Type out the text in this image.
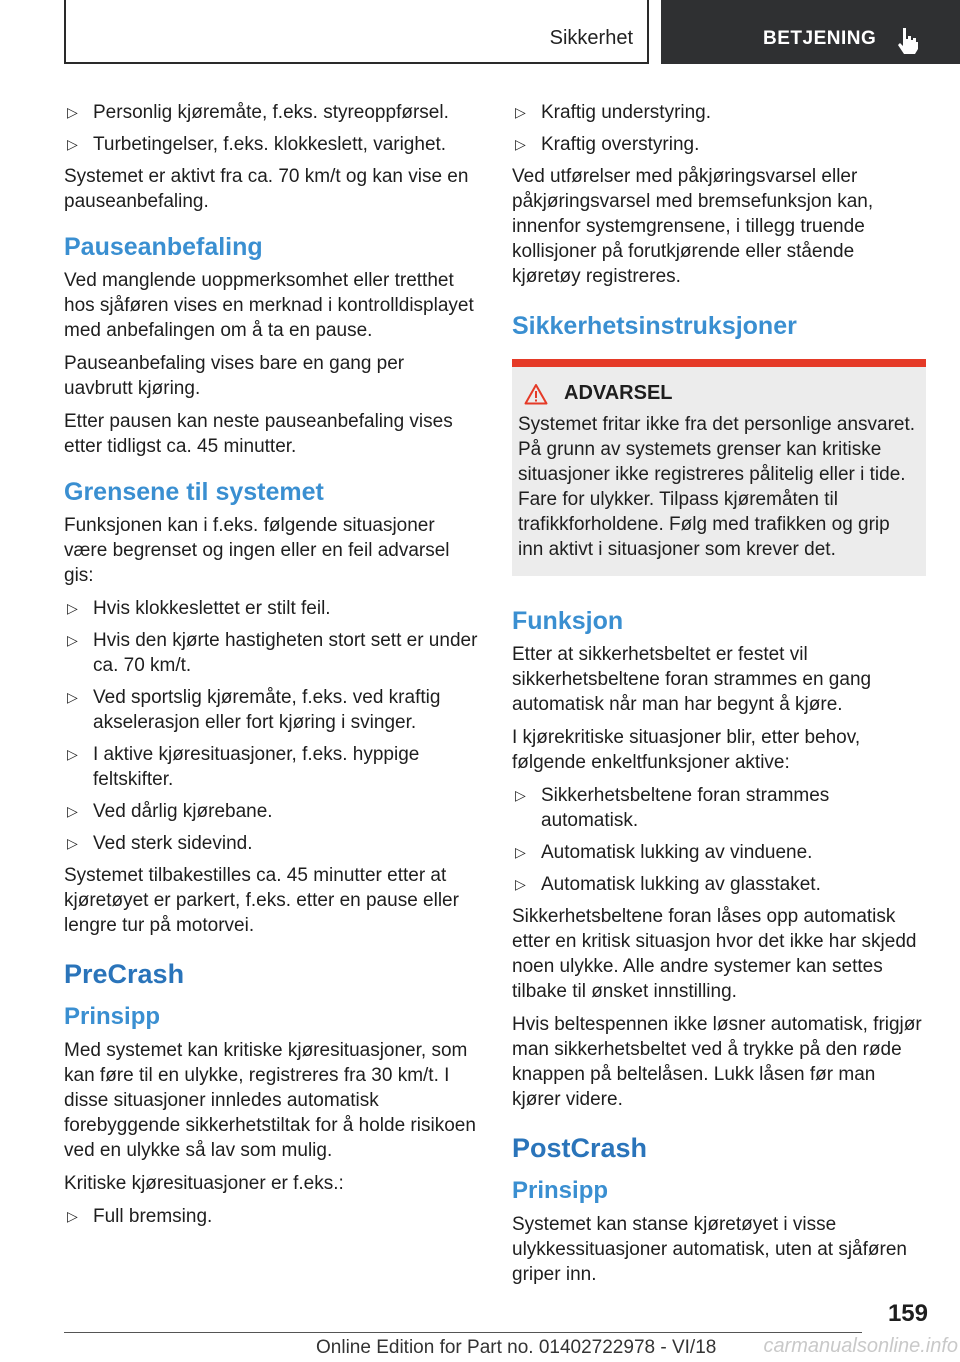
Sikkerhet	BETJENING
▷ Personlig kjøremåte, f.eks. styreoppførsel.
▷ Turbetingelser, f.eks. klokkeslett, varighet.

Systemet er aktivt fra ca. 70 km/t og kan vise en pauseanbefaling.

Pauseanbefaling

Ved manglende uoppmerksomhet eller tretthet hos sjåføren vises en merknad i kontrolldisplayet med anbefalingen om å ta en pause.

Pauseanbefaling vises bare en gang per uavbrutt kjøring.

Etter pausen kan neste pauseanbefaling vises etter tidligst ca. 45 minutter.

Grensene til systemet

Funksjonen kan i f.eks. følgende situasjoner være begrenset og ingen eller en feil advarsel gis:

▷ Hvis klokkeslettet er stilt feil.
▷ Hvis den kjørte hastigheten stort sett er under ca. 70 km/t.
▷ Ved sportslig kjøremåte, f.eks. ved kraftig akselerasjon eller fort kjøring i svinger.
▷ I aktive kjøresituasjoner, f.eks. hyppige feltskifter.
▷ Ved dårlig kjørebane.
▷ Ved sterk sidevind.

Systemet tilbakestilles ca. 45 minutter etter at kjøretøyet er parkert, f.eks. etter en pause eller lengre tur på motorvei.

PreCrash
Prinsipp

Med systemet kan kritiske kjøresituasjoner, som kan føre til en ulykke, registreres fra 30 km/t. I disse situasjoner innledes automatisk forebyggende sikkerhetstiltak for å holde risikoen ved en ulykke så lav som mulig.

Kritiske kjøresituasjoner er f.eks.:

▷ Full bremsing.
▷ Kraftig understyring.
▷ Kraftig overstyring.

Ved utførelser med påkjøringsvarsel eller påkjøringsvarsel med bremsefunksjon kan, innenfor systemgrensene, i tillegg truende kollisjoner på forutkjørende eller stående kjøretøy registreres.

Sikkerhetsinstruksjoner
ADVARSEL
Systemet fritar ikke fra det personlige ansvaret. På grunn av systemets grenser kan kritiske situasjoner ikke registreres pålitelig eller i tide. Fare for ulykker. Tilpass kjøremåten til trafikkforholdene. Følg med trafikken og grip inn aktivt i situasjoner som krever det.
Funksjon

Etter at sikkerhetsbeltet er festet vil sikkerhetsbeltene foran strammes en gang automatisk når man har begynt å kjøre.

I kjørekritiske situasjoner blir, etter behov, følgende enkeltfunksjoner aktive:

▷ Sikkerhetsbeltene foran strammes automatisk.
▷ Automatisk lukking av vinduene.
▷ Automatisk lukking av glasstaket.

Sikkerhetsbeltene foran låses opp automatisk etter en kritisk situasjon hvor det ikke har skjedd noen ulykke. Alle andre systemer kan settes tilbake til ønsket innstilling.

Hvis beltespennen ikke løsner automatisk, frigjør man sikkerhetsbeltet ved å trykke på den røde knappen på beltelåsen. Lukk låsen før man kjører videre.

PostCrash
Prinsipp

Systemet kan stanse kjøretøyet i visse ulykkessituasjoner automatisk, uten at sjåføren griper inn.

159
Online Edition for Part no. 01402722978 - VI/18 carmanualsonline.info
